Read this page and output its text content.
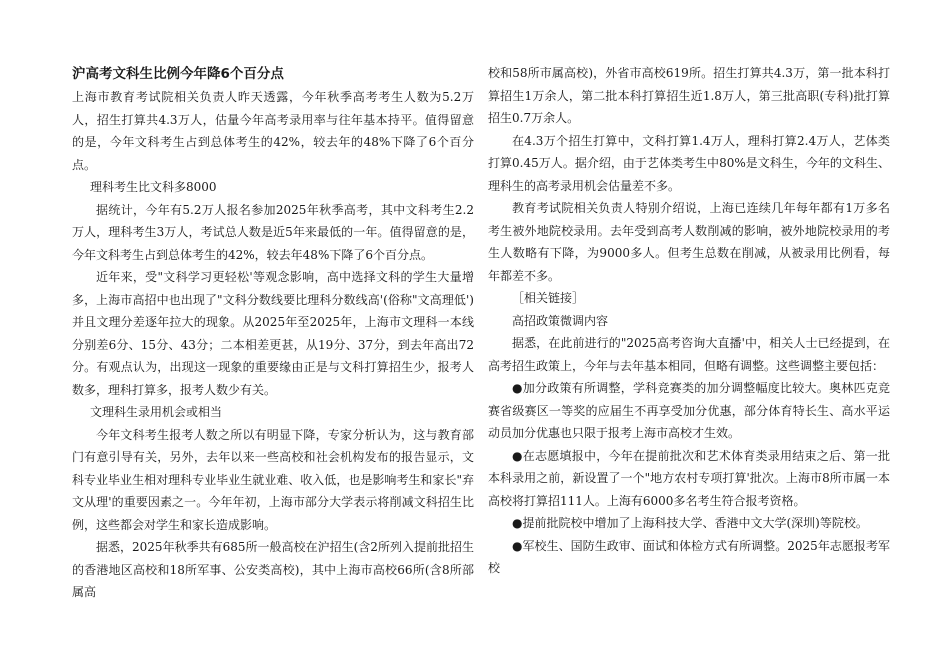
沪高考文科生比例今年降6个百分点

上海市教育考试院相关负责人昨天透露，今年秋季高考考生人数为5.2万人，招生打算共4.3万人，估量今年高考录用率与往年基本持平。值得留意的是，今年文科考生占到总体考生的42%，较去年的48%下降了6个百分点。

理科考生比文科多8000

据统计，今年有5.2万人报名参加2025年秋季高考，其中文科考生2.2万人，理科考生3万人，考试总人数是近5年来最低的一年。值得留意的是，今年文科考生占到总体考生的42%，较去年48%下降了6个百分点。

近年来，受"文科学习更轻松'等观念影响，高中选择文科的学生大量增多，上海市高招中也出现了"文科分数线要比理科分数线高'(俗称"文高理低')并且文理分差逐年拉大的现象。从2025年至2025年，上海市文理科一本线分别差6分、15分、43分；二本相差更甚，从19分、37分，到去年高出72分。有观点认为，出现这一现象的重要缘由正是与文科打算招生少，报考人数多，理科打算多，报考人数少有关。

文理科生录用机会或相当

今年文科考生报考人数之所以有明显下降，专家分析认为，这与教育部门有意引导有关，另外，去年以来一些高校和社会机构发布的报告显示，文科专业毕业生相对理科专业毕业生就业难、收入低，也是影响考生和家长"弃文从理'的重要因素之一。今年年初，上海市部分大学表示将削减文科招生比例，这些都会对学生和家长造成影响。

据悉，2025年秋季共有685所一般高校在沪招生(含2所列入提前批招生的香港地区高校和18所军事、公安类高校)，其中上海市高校66所(含8所部属高

校和58所市属高校)，外省市高校619所。招生打算共4.3万，第一批本科打算招生1万余人，第二批本科打算招生近1.8万人，第三批高职(专科)批打算招生0.7万余人。

在4.3万个招生打算中，文科打算1.4万人，理科打算2.4万人，艺体类打算0.45万人。据介绍，由于艺体类考生中80%是文科生，今年的文科生、理科生的高考录用机会估量差不多。

教育考试院相关负责人特别介绍说，上海已连续几年每年都有1万多名考生被外地院校录用。去年受到高考人数削减的影响，被外地院校录用的考生人数略有下降，为9000多人。但考生总数在削减，从被录用比例看，每年都差不多。

［相关链接］

高招政策微调内容

据悉，在此前进行的"2025高考咨询大直播'中，相关人士已经提到，在高考招生政策上，今年与去年基本相同，但略有调整。这些调整主要包括：

●加分政策有所调整，学科竞赛类的加分调整幅度比较大。奥林匹克竞赛省级赛区一等奖的应届生不再享受加分优惠，部分体育特长生、高水平运动员加分优惠也只限于报考上海市高校才生效。

●在志愿填报中，今年在提前批次和艺术体育类录用结束之后、第一批本科录用之前，新设置了一个"地方农村专项打算'批次。上海市8所市属一本高校将打算招111人。上海有6000多名考生符合报考资格。

●提前批院校中增加了上海科技大学、香港中文大学(深圳)等院校。

●军校生、国防生政审、面试和体检方式有所调整。2025年志愿报考军校
